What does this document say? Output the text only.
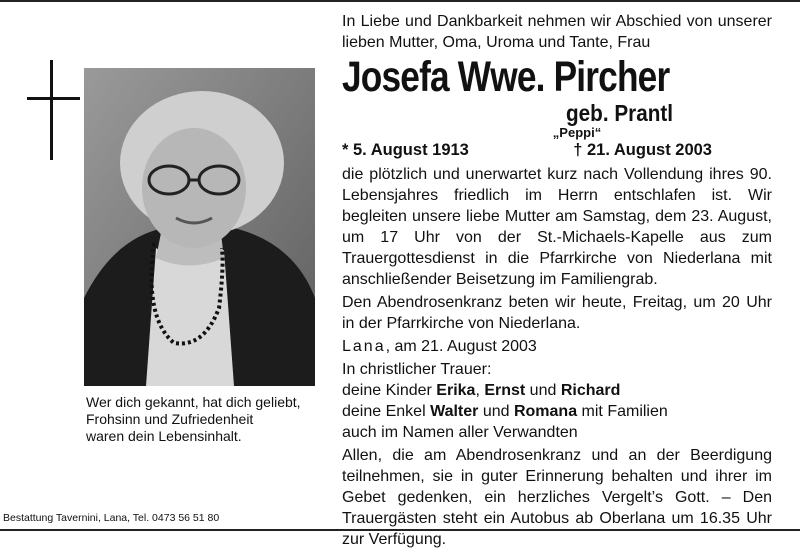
Wer dich gekannt, hat dich geliebt,
Frohsinn und Zufriedenheit
waren dein Lebensinhalt.
Bestattung Tavernini, Lana, Tel. 0473 56 51 80
In Liebe und Dankbarkeit nehmen wir Abschied von unserer lieben Mutter, Oma, Uroma und Tante, Frau
Josefa Wwe. Pircher
geb. Prantl
„Peppi“
* 5. August 1913	† 21. August 2003
die plötzlich und unerwartet kurz nach Vollendung ihres 90. Lebensjahres friedlich im Herrn entschlafen ist. Wir begleiten unsere liebe Mutter am Samstag, dem 23. August, um 17 Uhr von der St.-Michaels-Kapelle aus zum Trauergottesdienst in die Pfarrkirche von Niederlana mit anschließender Beisetzung im Familiengrab.
Den Abendrosenkranz beten wir heute, Freitag, um 20 Uhr in der Pfarrkirche von Niederlana.
Lana, am 21. August 2003
In christlicher Trauer:
deine Kinder Erika, Ernst und Richard
deine Enkel Walter und Romana mit Familien
auch im Namen aller Verwandten
Allen, die am Abendrosenkranz und an der Beerdigung teilnehmen, sie in guter Erinnerung behalten und ihrer im Gebet gedenken, ein herzliches Vergelt’s Gott. – Den Trauergästen steht ein Autobus ab Oberlana um 16.35 Uhr zur Verfügung.
